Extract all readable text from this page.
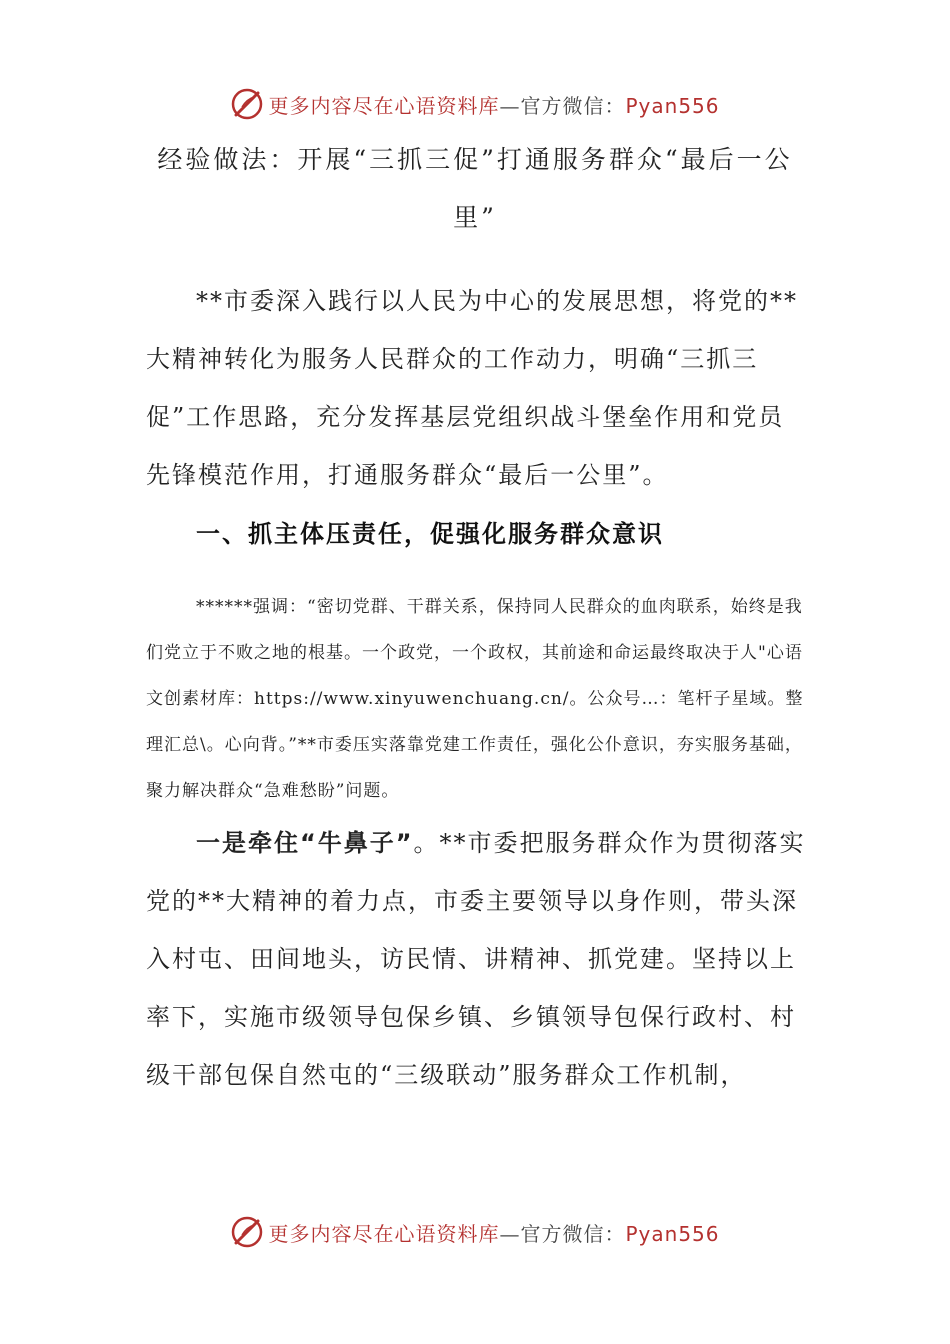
更多内容尽在心语资料库—官方微信：Pyan556
经验做法：开展“三抓三促”打通服务群众“最后一公里”

**市委深入践行以人民为中心的发展思想，将党的**大精神转化为服务人民群众的工作动力，明确“三抓三促”工作思路，充分发挥基层党组织战斗堡垒作用和党员先锋模范作用，打通服务群众“最后一公里”。

一、抓主体压责任，促强化服务群众意识

******强调：“密切党群、干群关系，保持同人民群众的血肉联系，始终是我们党立于不败之地的根基。一个政党，一个政权，其前途和命运最终取决于人"心语文创素材库：https://www.xinyuwenchuang.cn/。公众号…：笔杆子星域。整理汇总\。心向背。”**市委压实落靠党建工作责任，强化公仆意识，夯实服务基础，聚力解决群众“急难愁盼”问题。

一是牵住“牛鼻子”。**市委把服务群众作为贯彻落实党的**大精神的着力点，市委主要领导以身作则，带头深入村屯、田间地头，访民情、讲精神、抓党建。坚持以上率下，实施市级领导包保乡镇、乡镇领导包保行政村、村级干部包保自然屯的“三级联动”服务群众工作机制，

更多内容尽在心语资料库—官方微信：Pyan556
